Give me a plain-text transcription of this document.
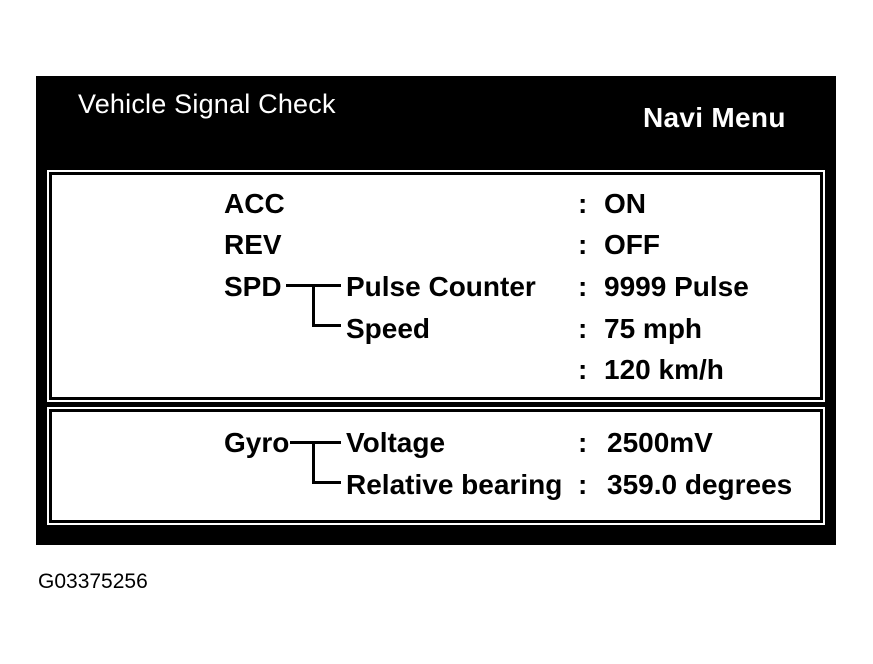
Vehicle Signal Check	Navi Menu
ACC	: ON
REV	: OFF
SPD Pulse Counter : 9999 Pulse
Speed	: 75 mph
: 120 km/h
Gyro Voltage	: 2500mV
Relative bearing : 359.0 degrees
G03375256
